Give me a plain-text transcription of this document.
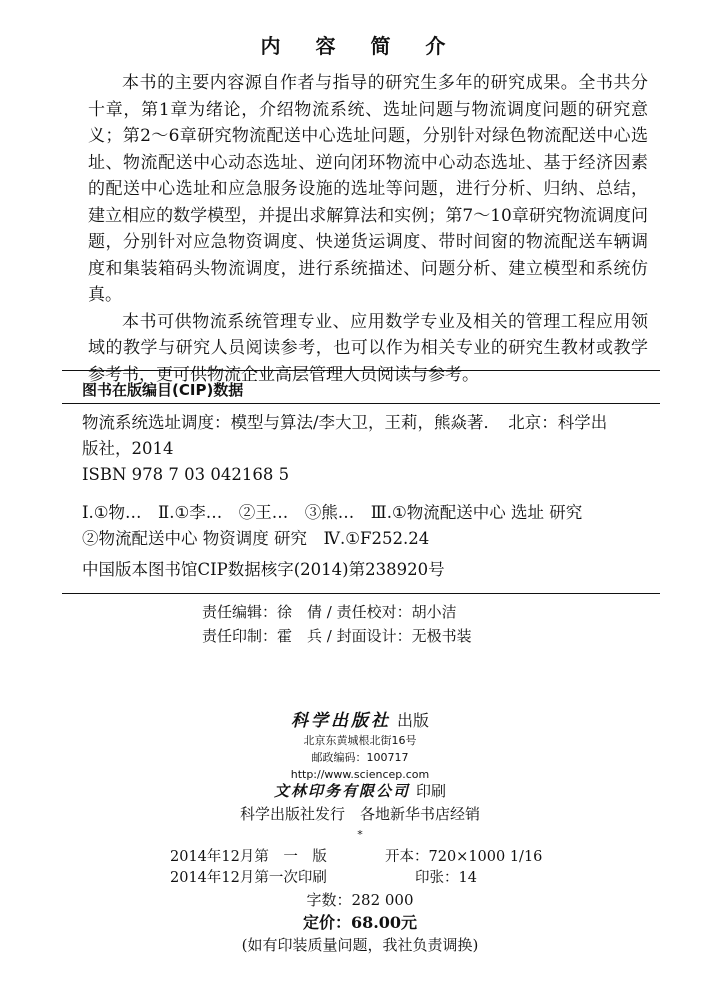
内 容 简 介

本书的主要内容源自作者与指导的研究生多年的研究成果。全书共分十章，第1章为绪论，介绍物流系统、选址问题与物流调度问题的研究意义；第2～6章研究物流配送中心选址问题，分别针对绿色物流配送中心选址、物流配送中心动态选址、逆向闭环物流中心动态选址、基于经济因素的配送中心选址和应急服务设施的选址等问题，进行分析、归纳、总结，建立相应的数学模型，并提出求解算法和实例；第7～10章研究物流调度问题，分别针对应急物资调度、快递货运调度、带时间窗的物流配送车辆调度和集装箱码头物流调度，进行系统描述、问题分析、建立模型和系统仿真。

本书可供物流系统管理专业、应用数学专业及相关的管理工程应用领域的教学与研究人员阅读参考，也可以作为相关专业的研究生教材或教学参考书，更可供物流企业高层管理人员阅读与参考。

图书在版编目(CIP)数据
物流系统选址调度：模型与算法/李大卫，王莉，熊焱著．　北京：科学出
版社，2014
ISBN 978 7 03 042168 5
Ⅰ.①物…　Ⅱ.①李…　②王…　③熊…　Ⅲ.①物流配送中心 选址 研究
②物流配送中心 物资调度 研究　Ⅳ.①F252.24
中国版本图书馆CIP数据核字(2014)第238920号
责任编辑：徐　倩 / 责任校对：胡小洁
责任印制：霍　兵 / 封面设计：无极书装
科学出版社 出版
北京东黄城根北街16号
邮政编码：100717
http://www.sciencep.com
文林印务有限公司 印刷
科学出版社发行　各地新华书店经销
*
2014年12月第　一　版	开本：720×1000 1/16
2014年12月第一次印刷	印张：14
字数：282 000
定价：68.00元
(如有印装质量问题，我社负责调换)
